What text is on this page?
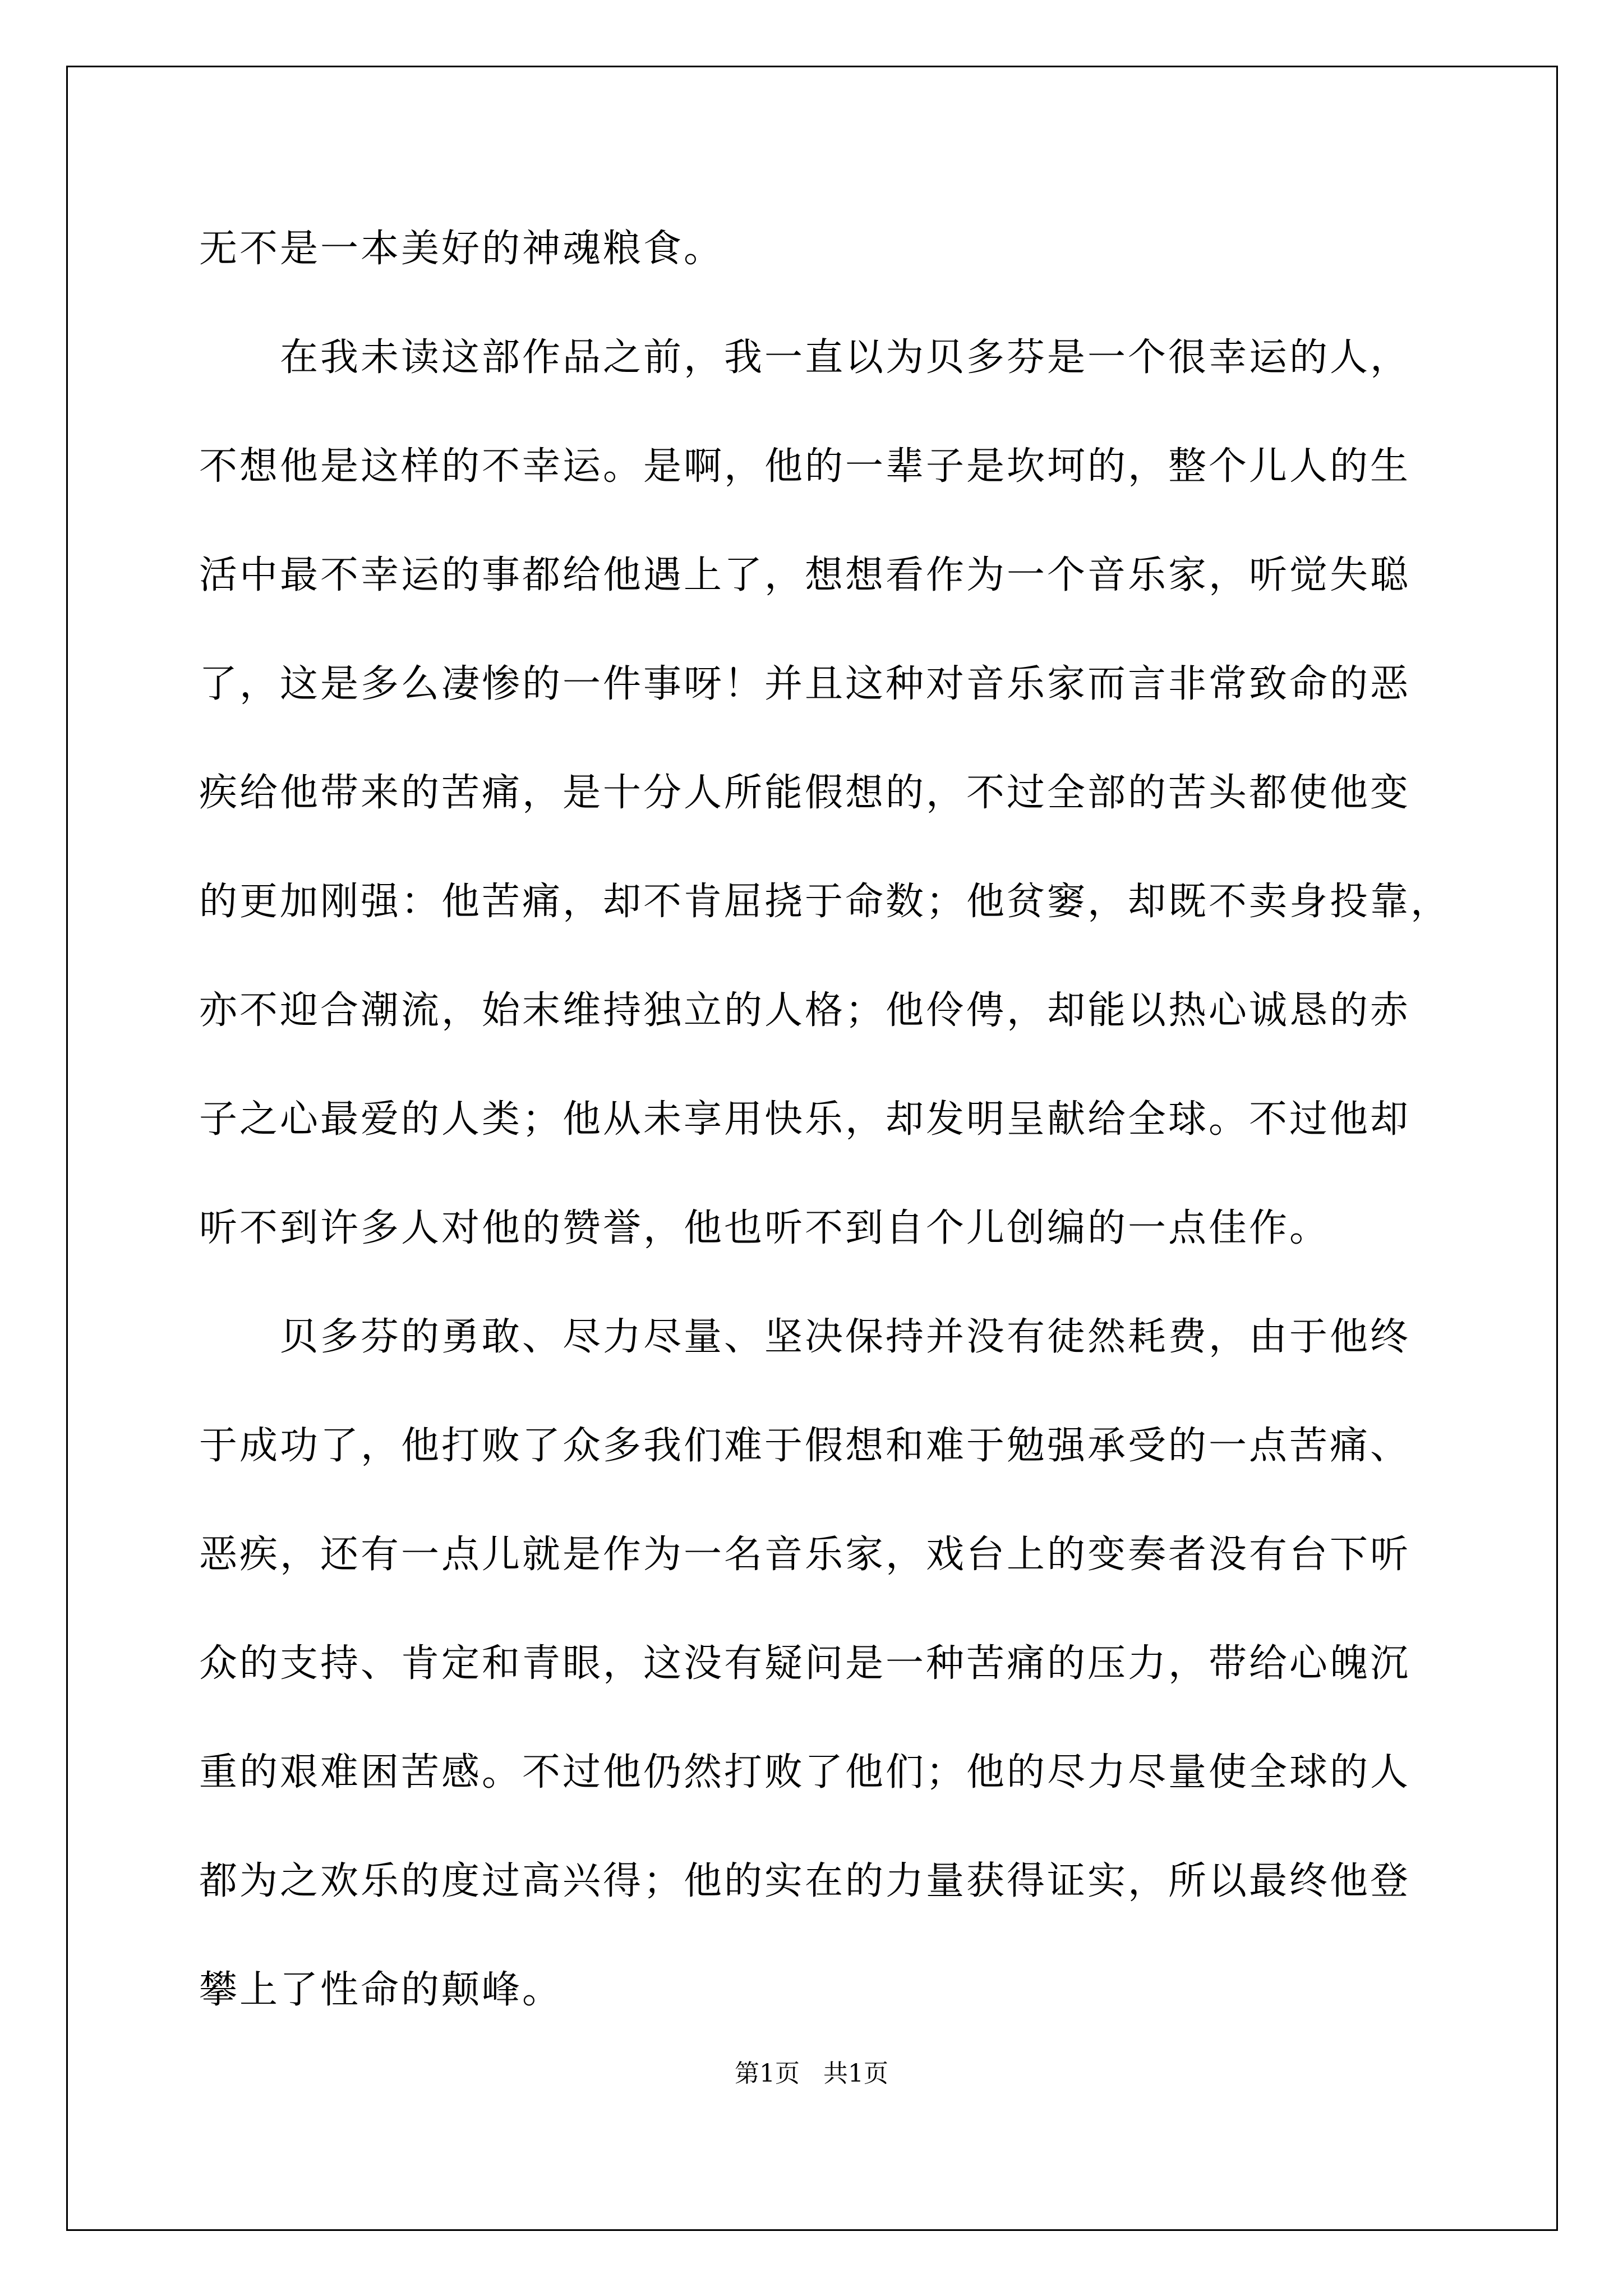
无不是一本美好的神魂粮食。
　　在我未读这部作品之前，我一直以为贝多芬是一个很幸运的人，
不想他是这样的不幸运。是啊，他的一辈子是坎坷的，整个儿人的生
活中最不幸运的事都给他遇上了，想想看作为一个音乐家，听觉失聪
了，这是多么凄惨的一件事呀！并且这种对音乐家而言非常致命的恶
疾给他带来的苦痛，是十分人所能假想的，不过全部的苦头都使他变
的更加刚强：他苦痛，却不肯屈挠于命数；他贫窭，却既不卖身投靠，
亦不迎合潮流，始末维持独立的人格；他伶俜，却能以热心诚恳的赤
子之心最爱的人类；他从未享用快乐，却发明呈献给全球。不过他却
听不到许多人对他的赞誉，他也听不到自个儿创编的一点佳作。
　　贝多芬的勇敢、尽力尽量、坚决保持并没有徒然耗费，由于他终
于成功了，他打败了众多我们难于假想和难于勉强承受的一点苦痛、
恶疾，还有一点儿就是作为一名音乐家，戏台上的变奏者没有台下听
众的支持、肯定和青眼，这没有疑问是一种苦痛的压力，带给心魄沉
重的艰难困苦感。不过他仍然打败了他们；他的尽力尽量使全球的人
都为之欢乐的度过高兴得；他的实在的力量获得证实，所以最终他登
攀上了性命的颠峰。
第1页 共1页
